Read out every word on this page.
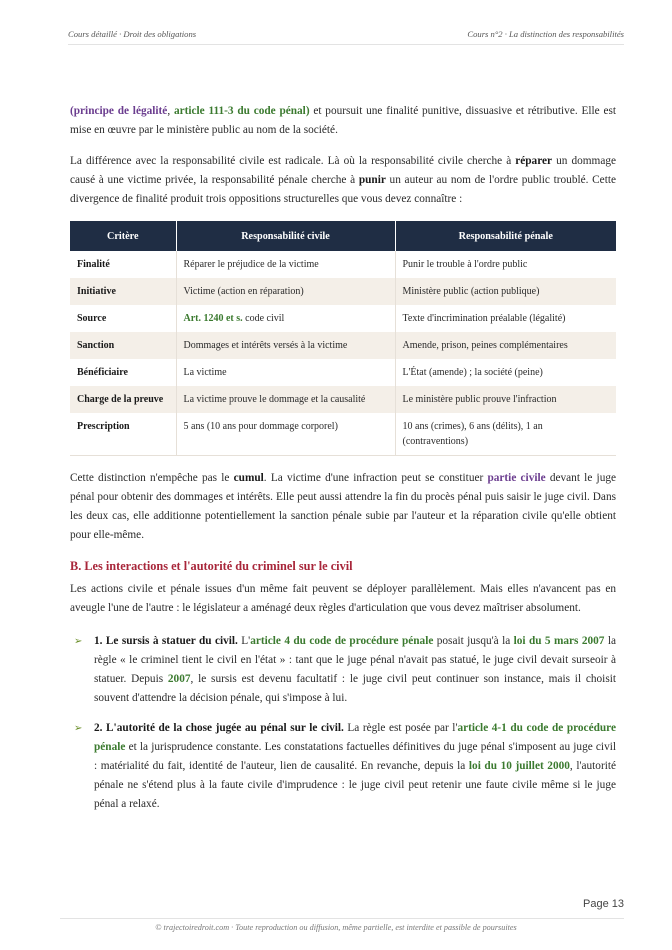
Cours détaillé · Droit des obligations	Cours n°2 · La distinction des responsabilités

(principe de légalité, article 111-3 du code pénal) et poursuit une finalité punitive, dissuasive et rétributive. Elle est mise en œuvre par le ministère public au nom de la société.

La différence avec la responsabilité civile est radicale. Là où la responsabilité civile cherche à réparer un dommage causé à une victime privée, la responsabilité pénale cherche à punir un auteur au nom de l'ordre public troublé. Cette divergence de finalité produit trois oppositions structurelles que vous devez connaître :

Critère	Responsabilité civile	Responsabilité pénale
Finalité	Réparer le préjudice de la victime	Punir le trouble à l'ordre public
Initiative	Victime (action en réparation)	Ministère public (action publique)
Source	Art. 1240 et s. code civil	Texte d'incrimination préalable (légalité)
Sanction	Dommages et intérêts versés à la victime	Amende, prison, peines complémentaires
Bénéficiaire	La victime	L'État (amende) ; la société (peine)
Charge de la preuve	La victime prouve le dommage et la causalité	Le ministère public prouve l'infraction
Prescription	5 ans (10 ans pour dommage corporel)	10 ans (crimes), 6 ans (délits), 1 an (contraventions)

Cette distinction n'empêche pas le cumul. La victime d'une infraction peut se constituer partie civile devant le juge pénal pour obtenir des dommages et intérêts. Elle peut aussi attendre la fin du procès pénal puis saisir le juge civil. Dans les deux cas, elle additionne potentiellement la sanction pénale subie par l'auteur et la réparation civile qu'elle obtient pour elle-même.

B. Les interactions et l'autorité du criminel sur le civil

Les actions civile et pénale issues d'un même fait peuvent se déployer parallèlement. Mais elles n'avancent pas en aveugle l'une de l'autre : le législateur a aménagé deux règles d'articulation que vous devez maîtriser absolument.

➢ 1. Le sursis à statuer du civil. L'article 4 du code de procédure pénale posait jusqu'à la loi du 5 mars 2007 la règle « le criminel tient le civil en l'état » : tant que le juge pénal n'avait pas statué, le juge civil devait surseoir à statuer. Depuis 2007, le sursis est devenu facultatif : le juge civil peut continuer son instance, mais il choisit souvent d'attendre la décision pénale, qui s'impose à lui.
➢ 2. L'autorité de la chose jugée au pénal sur le civil. La règle est posée par l'article 4-1 du code de procédure pénale et la jurisprudence constante. Les constatations factuelles définitives du juge pénal s'imposent au juge civil : matérialité du fait, identité de l'auteur, lien de causalité. En revanche, depuis la loi du 10 juillet 2000, l'autorité pénale ne s'étend plus à la faute civile d'imprudence : le juge civil peut retenir une faute civile même si le juge pénal a relaxé.
Page 13
© trajectoiredroit.com · Toute reproduction ou diffusion, même partielle, est interdite et passible de poursuites
